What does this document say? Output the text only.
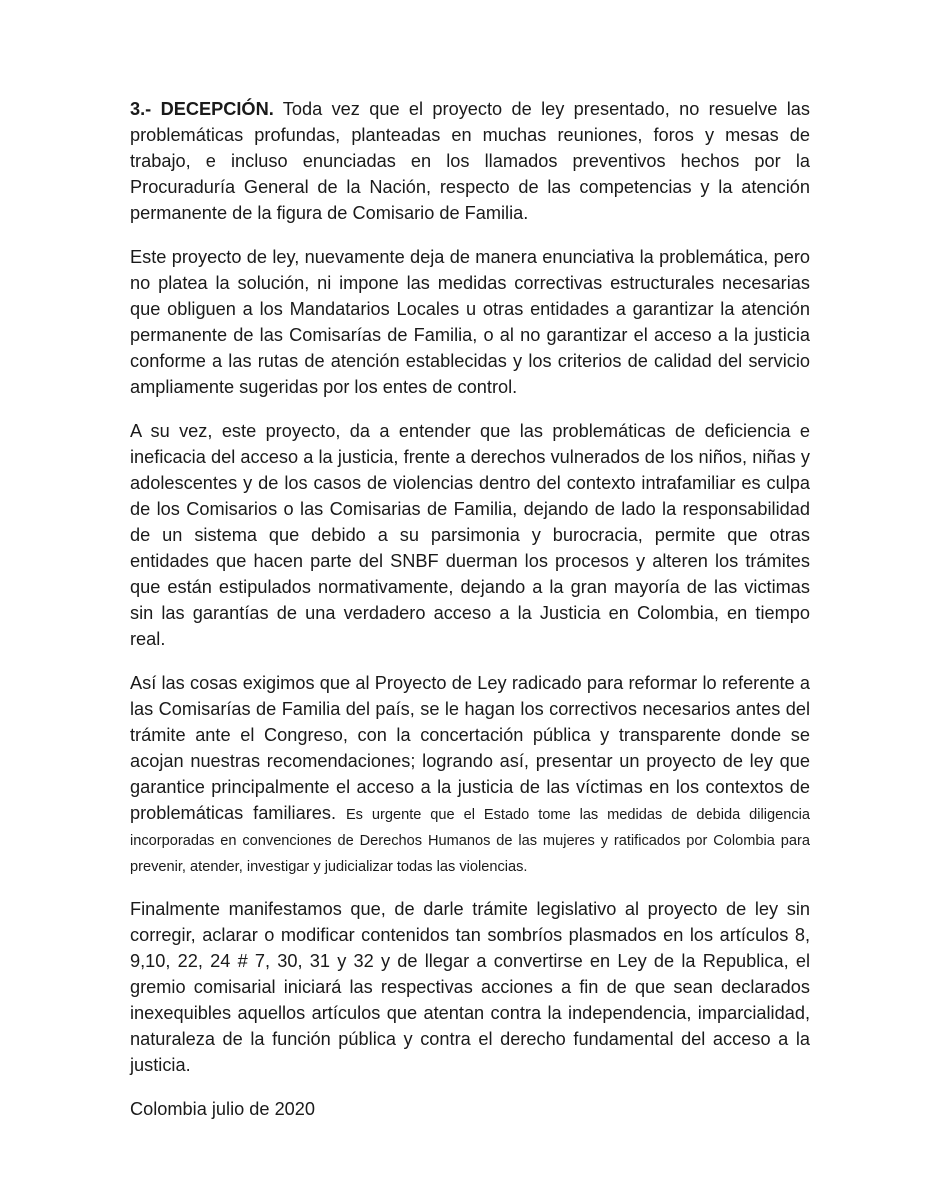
3.- DECEPCIÓN. Toda vez que el proyecto de ley presentado, no resuelve las problemáticas profundas, planteadas en muchas reuniones, foros y mesas de trabajo, e incluso enunciadas en los llamados preventivos hechos por la Procuraduría General de la Nación, respecto de las competencias y la atención permanente de la figura de Comisario de Familia.

Este proyecto de ley, nuevamente deja de manera enunciativa la problemática, pero no platea la solución, ni impone las medidas correctivas estructurales necesarias que obliguen a los Mandatarios Locales u otras entidades a garantizar la atención permanente de las Comisarías de Familia, o al no garantizar el acceso a la justicia conforme a las rutas de atención establecidas y los criterios de calidad del servicio ampliamente sugeridas por los entes de control.

A su vez, este proyecto, da a entender que las problemáticas de deficiencia e ineficacia del acceso a la justicia, frente a derechos vulnerados de los niños, niñas y adolescentes y de los casos de violencias dentro del contexto intrafamiliar es culpa de los Comisarios o las Comisarias de Familia, dejando de lado la responsabilidad de un sistema que debido a su parsimonia y burocracia, permite que otras entidades que hacen parte del SNBF duerman los procesos y alteren los trámites que están estipulados normativamente, dejando a la gran mayoría de las victimas sin las garantías de una verdadero acceso a la Justicia en Colombia, en tiempo real.

Así las cosas exigimos que al Proyecto de Ley radicado para reformar lo referente a las Comisarías de Familia del país, se le hagan los correctivos necesarios antes del trámite ante el Congreso, con la concertación pública y transparente donde se acojan nuestras recomendaciones; logrando así, presentar un proyecto de ley que garantice principalmente el acceso a la justicia de las víctimas en los contextos de problemáticas familiares. Es urgente que el Estado tome las medidas de debida diligencia incorporadas en convenciones de Derechos Humanos de las mujeres y ratificados por Colombia para prevenir, atender, investigar y judicializar todas las violencias.

Finalmente manifestamos que, de darle trámite legislativo al proyecto de ley sin corregir, aclarar o modificar contenidos tan sombríos plasmados en los artículos 8, 9,10, 22, 24 # 7, 30, 31 y 32 y de llegar a convertirse en Ley de la Republica, el gremio comisarial iniciará las respectivas acciones a fin de que sean declarados inexequibles aquellos artículos que atentan contra la independencia, imparcialidad, naturaleza de la función pública y contra el derecho fundamental del acceso a la justicia.

Colombia julio de 2020
